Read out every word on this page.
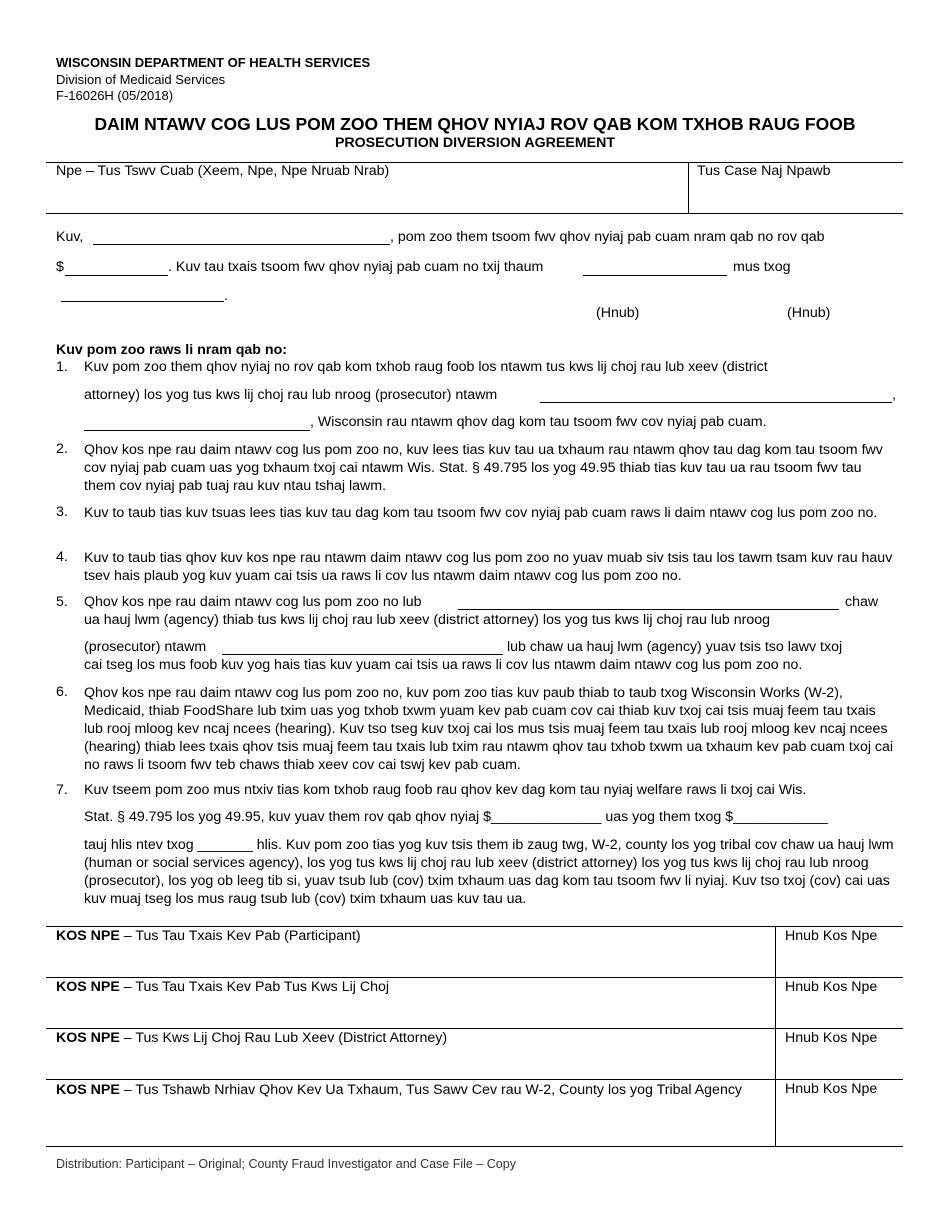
WISCONSIN DEPARTMENT OF HEALTH SERVICES
Division of Medicaid Services
F-16026H (05/2018)
DAIM NTAWV COG LUS POM ZOO THEM QHOV NYIAJ ROV QAB KOM TXHOB RAUG FOOB
PROSECUTION DIVERSION AGREEMENT
Npe – Tus Tswv Cuab (Xeem, Npe, Npe Nruab Nrab)	Tus Case Naj Npawb
Kuv,	, pom zoo them tsoom fwv qhov nyiaj pab cuam nram qab no rov qab
$	. Kuv tau txais tsoom fwv qhov nyiaj pab cuam no txij thaum	mus txog
.
(Hnub)	(Hnub)
Kuv pom zoo raws li nram qab no:
1. Kuv pom zoo them qhov nyiaj no rov qab kom txhob raug foob los ntawm tus kws lij choj rau lub xeev (district
attorney) los yog tus kws lij choj rau lub nroog (prosecutor) ntawm	,
, Wisconsin rau ntawm qhov dag kom tau tsoom fwv cov nyiaj pab cuam.
2. Qhov kos npe rau daim ntawv cog lus pom zoo no, kuv lees tias kuv tau ua txhaum rau ntawm qhov tau dag kom tau tsoom fwv cov nyiaj pab cuam uas yog txhaum txoj cai ntawm Wis. Stat. § 49.795 los yog 49.95 thiab tias kuv tau ua rau tsoom fwv tau them cov nyiaj pab tuaj rau kuv ntau tshaj lawm.
3. Kuv to taub tias kuv tsuas lees tias kuv tau dag kom tau tsoom fwv cov nyiaj pab cuam raws li daim ntawv cog lus pom zoo no.
4. Kuv to taub tias qhov kuv kos npe rau ntawm daim ntawv cog lus pom zoo no yuav muab siv tsis tau los tawm tsam kuv rau hauv tsev hais plaub yog kuv yuam cai tsis ua raws li cov lus ntawm daim ntawv cog lus pom zoo no.
5. Qhov kos npe rau daim ntawv cog lus pom zoo no lub	chaw
ua hauj lwm (agency) thiab tus kws lij choj rau lub xeev (district attorney) los yog tus kws lij choj rau lub nroog
(prosecutor) ntawm	lub chaw ua hauj lwm (agency) yuav tsis tso lawv txoj
cai tseg los mus foob kuv yog hais tias kuv yuam cai tsis ua raws li cov lus ntawm daim ntawv cog lus pom zoo no.
6. Qhov kos npe rau daim ntawv cog lus pom zoo no, kuv pom zoo tias kuv paub thiab to taub txog Wisconsin Works (W-2), Medicaid, thiab FoodShare lub txim uas yog txhob txwm yuam kev pab cuam cov cai thiab kuv txoj cai tsis muaj feem tau txais lub rooj mloog kev ncaj ncees (hearing). Kuv tso tseg kuv txoj cai los mus tsis muaj feem tau txais lub rooj mloog kev ncaj ncees (hearing) thiab lees txais qhov tsis muaj feem tau txais lub txim rau ntawm qhov tau txhob txwm ua txhaum kev pab cuam txoj cai no raws li tsoom fwv teb chaws thiab xeev cov cai tswj kev pab cuam.
7. Kuv tseem pom zoo mus ntxiv tias kom txhob raug foob rau qhov kev dag kom tau nyiaj welfare raws li txoj cai Wis.
Stat. § 49.795 los yog 49.95, kuv yuav them rov qab qhov nyiaj $______________ uas yog them txog $____________
tauj hlis ntev txog _______ hlis. Kuv pom zoo tias yog kuv tsis them ib zaug twg, W-2, county los yog tribal cov chaw ua hauj lwm (human or social services agency), los yog tus kws lij choj rau lub xeev (district attorney) los yog tus kws lij choj rau lub nroog (prosecutor), los yog ob leeg tib si, yuav tsub lub (cov) txim txhaum uas dag kom tau tsoom fwv li nyiaj. Kuv tso txoj (cov) cai uas kuv muaj tseg los mus raug tsub lub (cov) txim txhaum uas kuv tau ua.
KOS NPE – Tus Tau Txais Kev Pab (Participant)	Hnub Kos Npe
KOS NPE – Tus Tau Txais Kev Pab Tus Kws Lij Choj	Hnub Kos Npe
KOS NPE – Tus Kws Lij Choj Rau Lub Xeev (District Attorney)	Hnub Kos Npe
KOS NPE – Tus Tshawb Nrhiav Qhov Kev Ua Txhaum, Tus Sawv Cev rau W-2, County los yog Tribal Agency	Hnub Kos Npe
Distribution: Participant – Original; County Fraud Investigator and Case File – Copy
